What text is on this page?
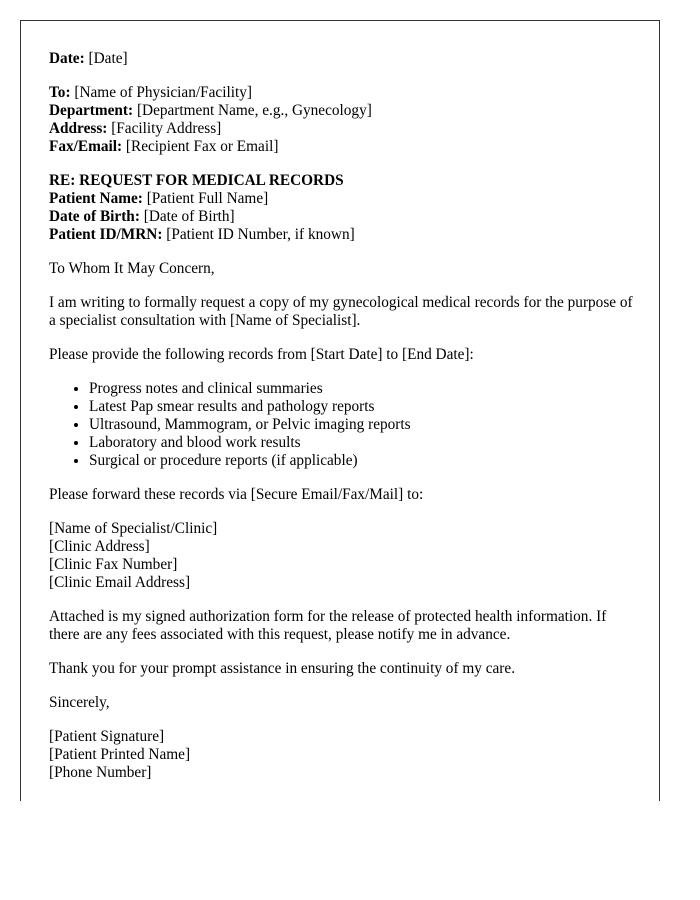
Date: [Date]

To: [Name of Physician/Facility]
Department: [Department Name, e.g., Gynecology]
Address: [Facility Address]
Fax/Email: [Recipient Fax or Email]

RE: REQUEST FOR MEDICAL RECORDS
Patient Name: [Patient Full Name]
Date of Birth: [Date of Birth]
Patient ID/MRN: [Patient ID Number, if known]

To Whom It May Concern,

I am writing to formally request a copy of my gynecological medical records for the purpose of a specialist consultation with [Name of Specialist].

Please provide the following records from [Start Date] to [End Date]:

• Progress notes and clinical summaries
• Latest Pap smear results and pathology reports
• Ultrasound, Mammogram, or Pelvic imaging reports
• Laboratory and blood work results
• Surgical or procedure reports (if applicable)

Please forward these records via [Secure Email/Fax/Mail] to:

[Name of Specialist/Clinic]
[Clinic Address]
[Clinic Fax Number]
[Clinic Email Address]

Attached is my signed authorization form for the release of protected health information. If there are any fees associated with this request, please notify me in advance.

Thank you for your prompt assistance in ensuring the continuity of my care.

Sincerely,

[Patient Signature]
[Patient Printed Name]
[Phone Number]
